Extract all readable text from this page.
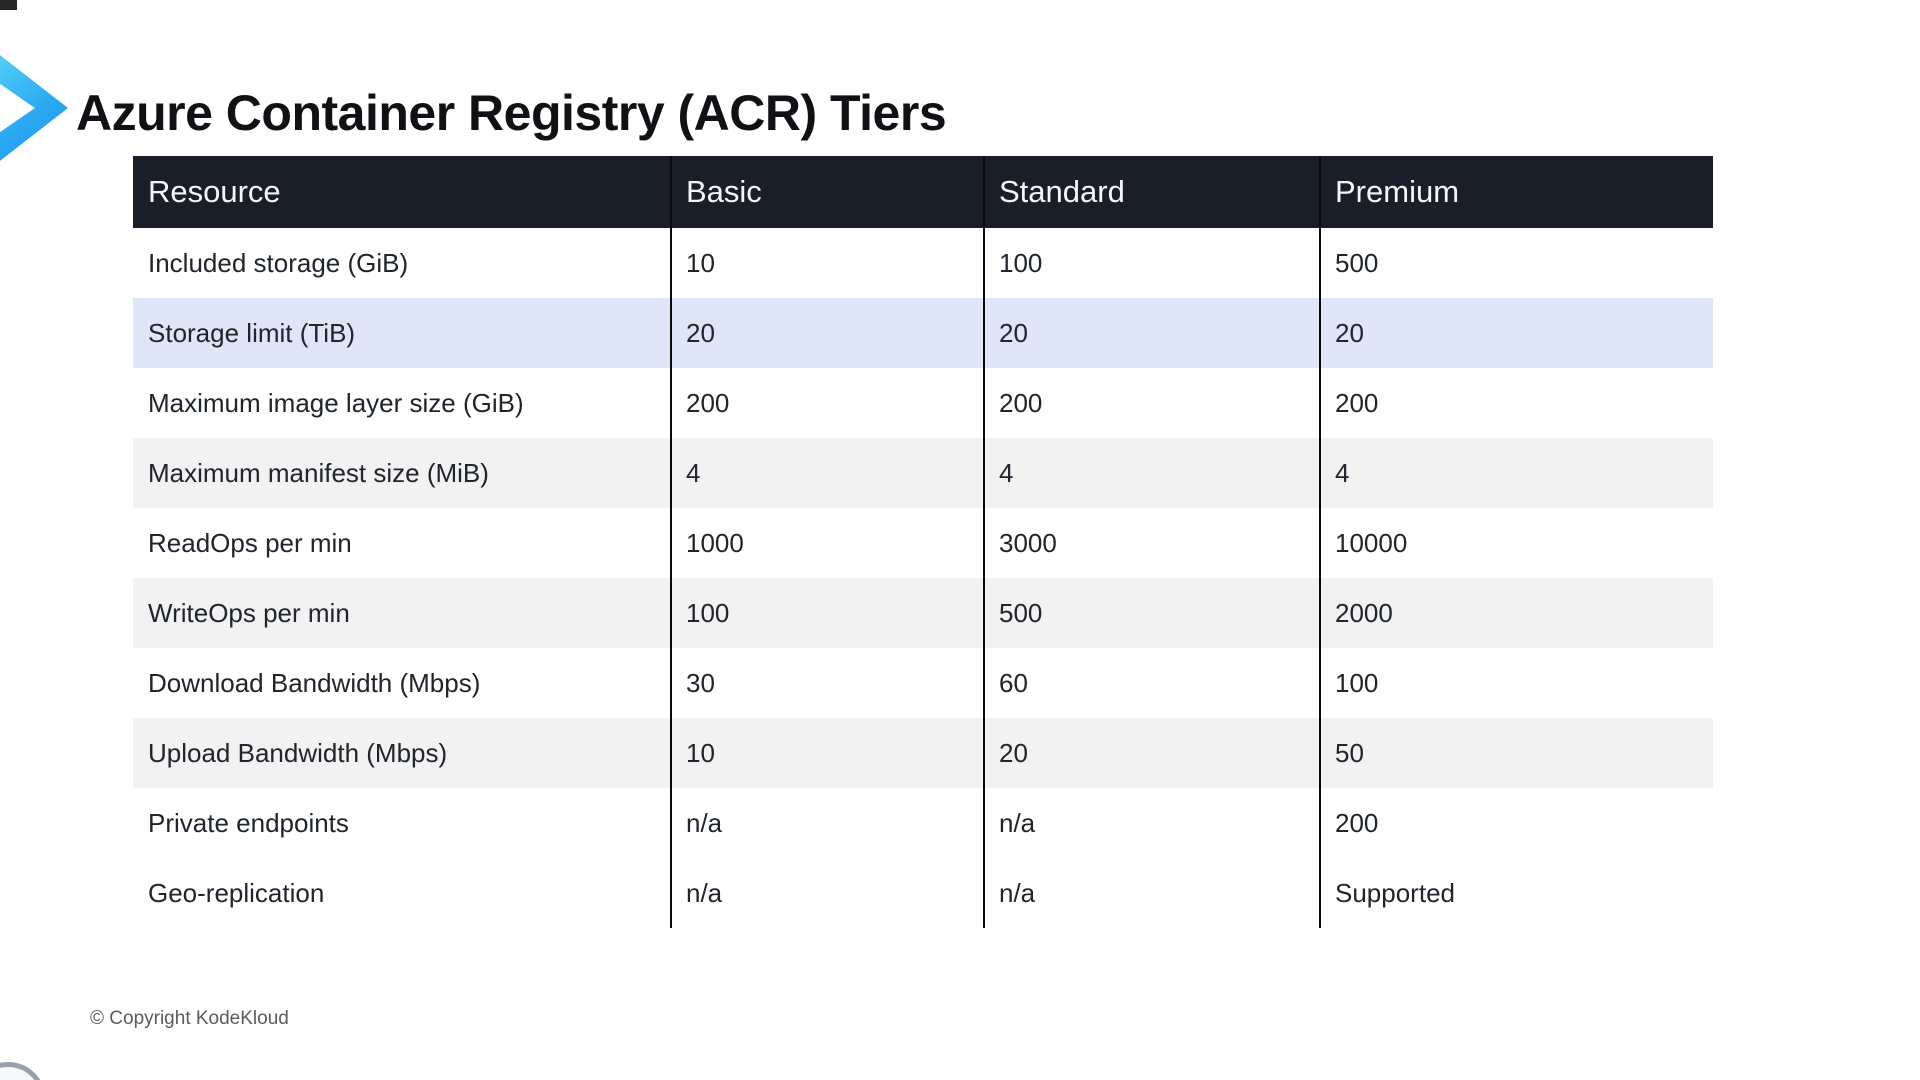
Azure Container Registry (ACR) Tiers
Resource	Basic	Standard	Premium
Included storage (GiB)	10	100	500
Storage limit (TiB)	20	20	20
Maximum image layer size (GiB)	200	200	200
Maximum manifest size (MiB)	4	4	4
ReadOps per min	1000	3000	10000
WriteOps per min	100	500	2000
Download Bandwidth (Mbps)	30	60	100
Upload Bandwidth (Mbps)	10	20	50
Private endpoints	n/a	n/a	200
Geo-replication	n/a	n/a	Supported
© Copyright KodeKloud
